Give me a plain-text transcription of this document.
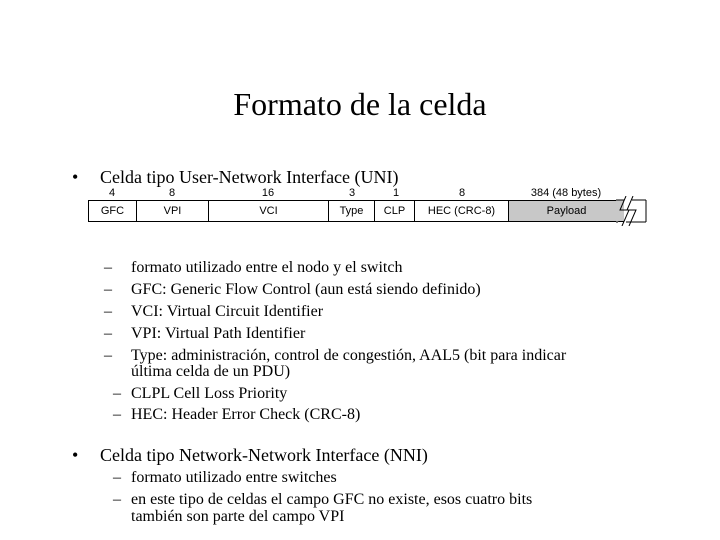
Formato de la celda
• Celda tipo User-Network Interface (UNI)
4	8	16	3	1	8	384 (48 bytes)
GFC	VPI	VCI	Type	CLP	HEC (CRC-8)	Payload
– formato utilizado entre el nodo y el switch
– GFC: Generic Flow Control (aun está siendo definido)
– VCI: Virtual Circuit Identifier
– VPI: Virtual Path Identifier
– Type: administración, control de congestión, AAL5 (bit para indicar
última celda de un PDU)
– CLPL Cell Loss Priority
– HEC: Header Error Check (CRC-8)
• Celda tipo Network-Network Interface (NNI)
– formato utilizado entre switches
– en este tipo de celdas el campo GFC no existe, esos cuatro bits
también son parte del campo VPI
